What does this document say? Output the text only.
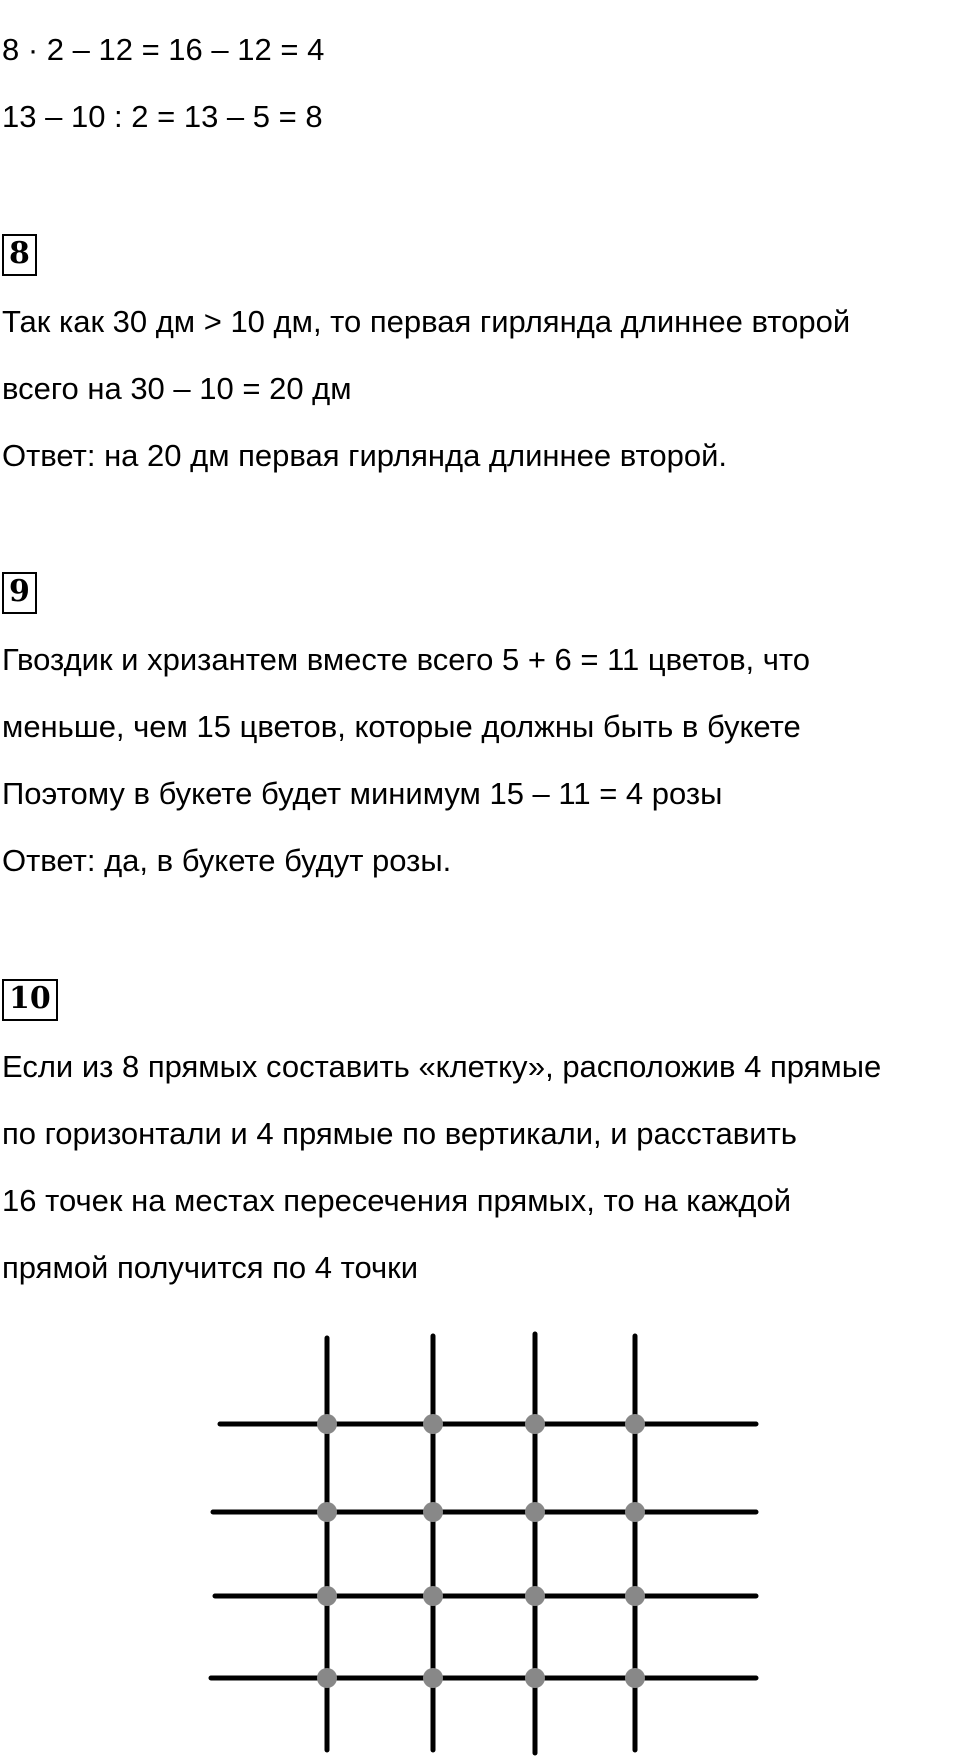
8 · 2 – 12 = 16 – 12 = 4
13 – 10 : 2 = 13 – 5 = 8
8
Так как 30 дм > 10 дм, то первая гирлянда длиннее второй
всего на 30 – 10 = 20 дм
Ответ: на 20 дм первая гирлянда длиннее второй.
9
Гвоздик и хризантем вместе всего 5 + 6 = 11 цветов, что
меньше, чем 15 цветов, которые должны быть в букете
Поэтому в букете будет минимум 15 – 11 = 4 розы
Ответ: да, в букете будут розы.
10
Если из 8 прямых составить «клетку», расположив 4 прямые
по горизонтали и 4 прямые по вертикали, и расставить
16 точек на местах пересечения прямых, то на каждой
прямой получится по 4 точки
